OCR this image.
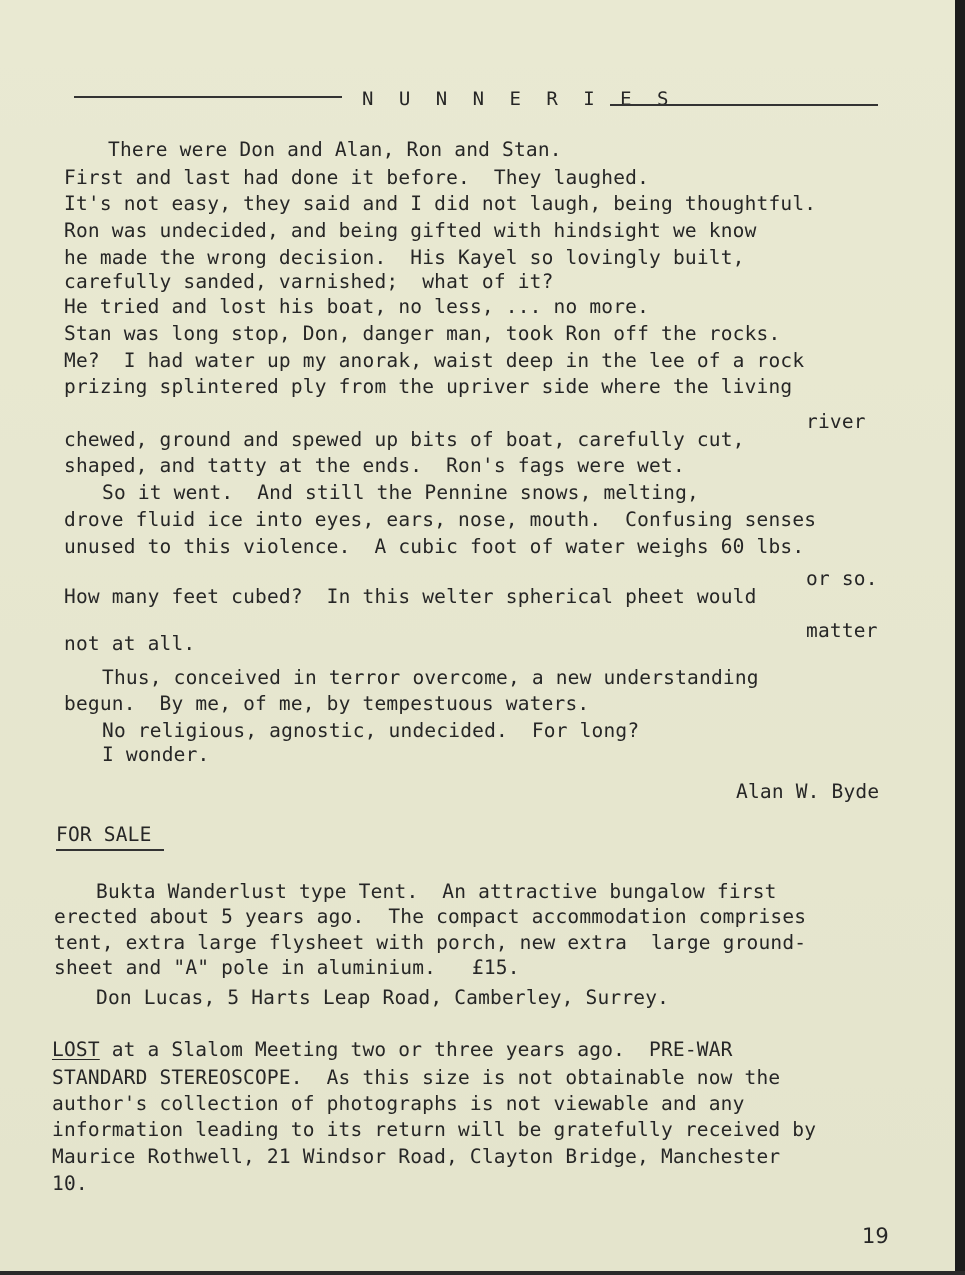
N U N N E R I E S
There were Don and Alan, Ron and Stan.
First and last had done it before.  They laughed.
It's not easy, they said and I did not laugh, being thoughtful.
Ron was undecided, and being gifted with hindsight we know
he made the wrong decision.  His Kayel so lovingly built,
carefully sanded, varnished;  what of it?
He tried and lost his boat, no less, ... no more.
Stan was long stop, Don, danger man, took Ron off the rocks.
Me?  I had water up my anorak, waist deep in the lee of a rock
prizing splintered ply from the upriver side where the living
river
chewed, ground and spewed up bits of boat, carefully cut,
shaped, and tatty at the ends.  Ron's fags were wet.
So it went.  And still the Pennine snows, melting,
drove fluid ice into eyes, ears, nose, mouth.  Confusing senses
unused to this violence.  A cubic foot of water weighs 60 lbs.
or so.
How many feet cubed?  In this welter spherical pheet would
matter
not at all.
Thus, conceived in terror overcome, a new understanding
begun.  By me, of me, by tempestuous waters.
No religious, agnostic, undecided.  For long?
I wonder.
Alan W. Byde
FOR SALE
Bukta Wanderlust type Tent.  An attractive bungalow first
erected about 5 years ago.  The compact accommodation comprises
tent, extra large flysheet with porch, new extra  large ground-
sheet and "A" pole in aluminium.   £15.
Don Lucas, 5 Harts Leap Road, Camberley, Surrey.
LOST at a Slalom Meeting two or three years ago.  PRE-WAR
STANDARD STEREOSCOPE.  As this size is not obtainable now the
author's collection of photographs is not viewable and any
information leading to its return will be gratefully received by
Maurice Rothwell, 21 Windsor Road, Clayton Bridge, Manchester
10.
19
